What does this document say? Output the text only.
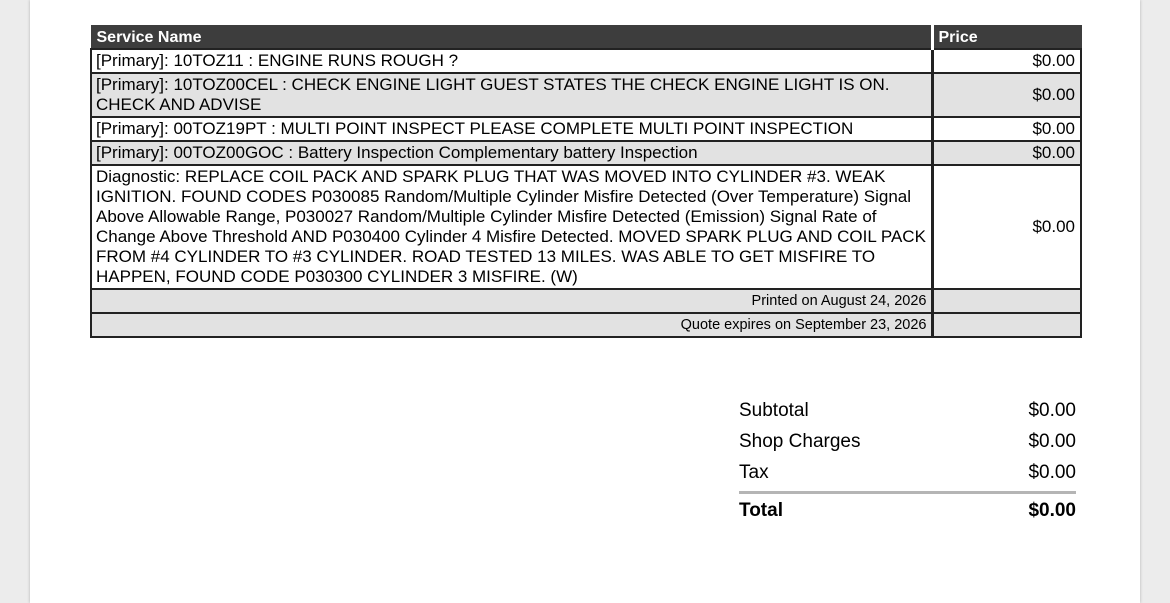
Service Name	Price
[Primary]: 10TOZ11 : ENGINE RUNS ROUGH ?	$0.00
[Primary]: 10TOZ00CEL : CHECK ENGINE LIGHT GUEST STATES THE CHECK ENGINE LIGHT IS ON. CHECK AND ADVISE	$0.00
[Primary]: 00TOZ19PT : MULTI POINT INSPECT PLEASE COMPLETE MULTI POINT INSPECTION	$0.00
[Primary]: 00TOZ00GOC : Battery Inspection Complementary battery Inspection	$0.00
Diagnostic: REPLACE COIL PACK AND SPARK PLUG THAT WAS MOVED INTO CYLINDER #3. WEAK IGNITION. FOUND CODES P030085 Random/Multiple Cylinder Misfire Detected (Over Temperature) Signal Above Allowable Range, P030027 Random/Multiple Cylinder Misfire Detected (Emission) Signal Rate of Change Above Threshold AND P030400 Cylinder 4 Misfire Detected. MOVED SPARK PLUG AND COIL PACK FROM #4 CYLINDER TO #3 CYLINDER. ROAD TESTED 13 MILES. WAS ABLE TO GET MISFIRE TO HAPPEN, FOUND CODE P030300 CYLINDER 3 MISFIRE. (W)	$0.00
Printed on August 24, 2026	
Quote expires on September 23, 2026	
Subtotal	$0.00
Shop Charges	$0.00
Tax	$0.00
Total	$0.00
